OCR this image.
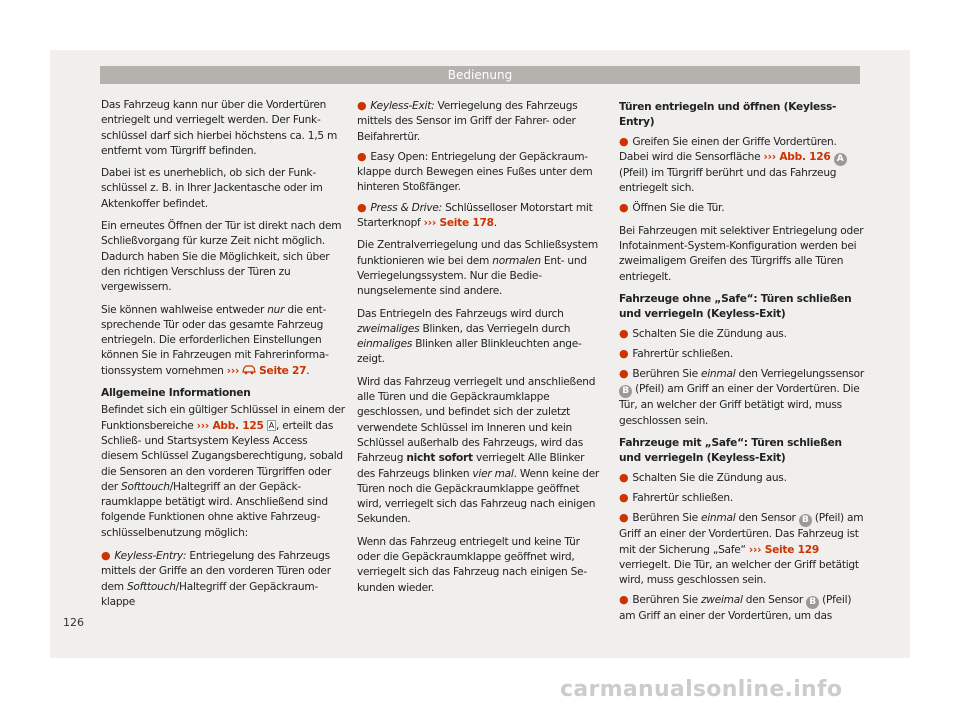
Bedienung

Das Fahrzeug kann nur über die Vordertüren entriegelt und verriegelt werden. Der Funkschlüssel darf sich hierbei höchstens ca. 1,5 m entfernt vom Türgriff befinden.

Dabei ist es unerheblich, ob sich der Funkschlüssel z. B. in Ihrer Jackentasche oder im Aktenkoffer befindet.

Ein erneutes Öffnen der Tür ist direkt nach dem Schließvorgang für kurze Zeit nicht möglich. Dadurch haben Sie die Möglichkeit, sich über den richtigen Verschluss der Türen zu vergewissern.

Sie können wahlweise entweder nur die entsprechende Tür oder das gesamte Fahrzeug entriegeln. Die erforderlichen Einstellungen können Sie in Fahrzeugen mit Fahrerinformationssystem vornehmen ››› Seite 27.

Allgemeine Informationen

Befindet sich ein gültiger Schlüssel in einem der Funktionsbereiche ››› Abb. 125 A , erteilt das Schließ- und Startsystem Keyless Access diesem Schlüssel Zugangsberechtigung, sobald die Sensoren an den vorderen Türgriffen oder der Softtouch/Haltegriff an der Gepäckraumklappe betätigt wird. Anschließend sind folgende Funktionen ohne aktive Fahrzeugschlüsselbenutzung möglich:

● Keyless-Entry: Entriegelung des Fahrzeugs mittels der Griffe an den vorderen Türen oder dem Softtouch/Haltegriff der Gepäckraumklappe

● Keyless-Exit: Verriegelung des Fahrzeugs mittels des Sensor im Griff der Fahrer- oder Beifahrertür.

● Easy Open: Entriegelung der Gepäckraumklappe durch Bewegen eines Fußes unter dem hinteren Stoßfänger.

● Press & Drive: Schlüsselloser Motorstart mit Starterknopf ››› Seite 178.

Die Zentralverriegelung und das Schließsystem funktionieren wie bei dem normalen Ent- und Verriegelungssystem. Nur die Bedienungselemente sind andere.

Das Entriegeln des Fahrzeugs wird durch zweimaliges Blinken, das Verriegeln durch einmaliges Blinken aller Blinkleuchten angezeigt.

Wird das Fahrzeug verriegelt und anschließend alle Türen und die Gepäckraumklappe geschlossen, und befindet sich der zuletzt verwendete Schlüssel im Inneren und kein Schlüssel außerhalb des Fahrzeugs, wird das Fahrzeug nicht sofort verriegelt Alle Blinker des Fahrzeugs blinken vier mal. Wenn keine der Türen noch die Gepäckraumklappe geöffnet wird, verriegelt sich das Fahrzeug nach einigen Sekunden.

Wenn das Fahrzeug entriegelt und keine Tür oder die Gepäckraumklappe geöffnet wird, verriegelt sich das Fahrzeug nach einigen Sekunden wieder.

Türen entriegeln und öffnen (Keyless-Entry)

● Greifen Sie einen der Griffe Vordertüren. Dabei wird die Sensorfläche ››› Abb. 126 A (Pfeil) im Türgriff berührt und das Fahrzeug entriegelt sich.

● Öffnen Sie die Tür.

Bei Fahrzeugen mit selektiver Entriegelung oder Infotainment-System-Konfiguration werden bei zweimaligem Greifen des Türgriffs alle Türen entriegelt.

Fahrzeuge ohne „Safe“: Türen schließen und verriegeln (Keyless-Exit)

● Schalten Sie die Zündung aus.

● Fahrertür schließen.

● Berühren Sie einmal den Verriegelungssensor B (Pfeil) am Griff an einer der Vordertüren. Die Tür, an welcher der Griff betätigt wird, muss geschlossen sein.

Fahrzeuge mit „Safe“: Türen schließen und verriegeln (Keyless-Exit)

● Schalten Sie die Zündung aus.

● Fahrertür schließen.

● Berühren Sie einmal den Sensor B (Pfeil) am Griff an einer der Vordertüren. Das Fahrzeug ist mit der Sicherung „Safe“ ››› Seite 129 verriegelt. Die Tür, an welcher der Griff betätigt wird, muss geschlossen sein.

● Berühren Sie zweimal den Sensor B (Pfeil) am Griff an einer der Vordertüren, um das

126
carmanualsonline.info
